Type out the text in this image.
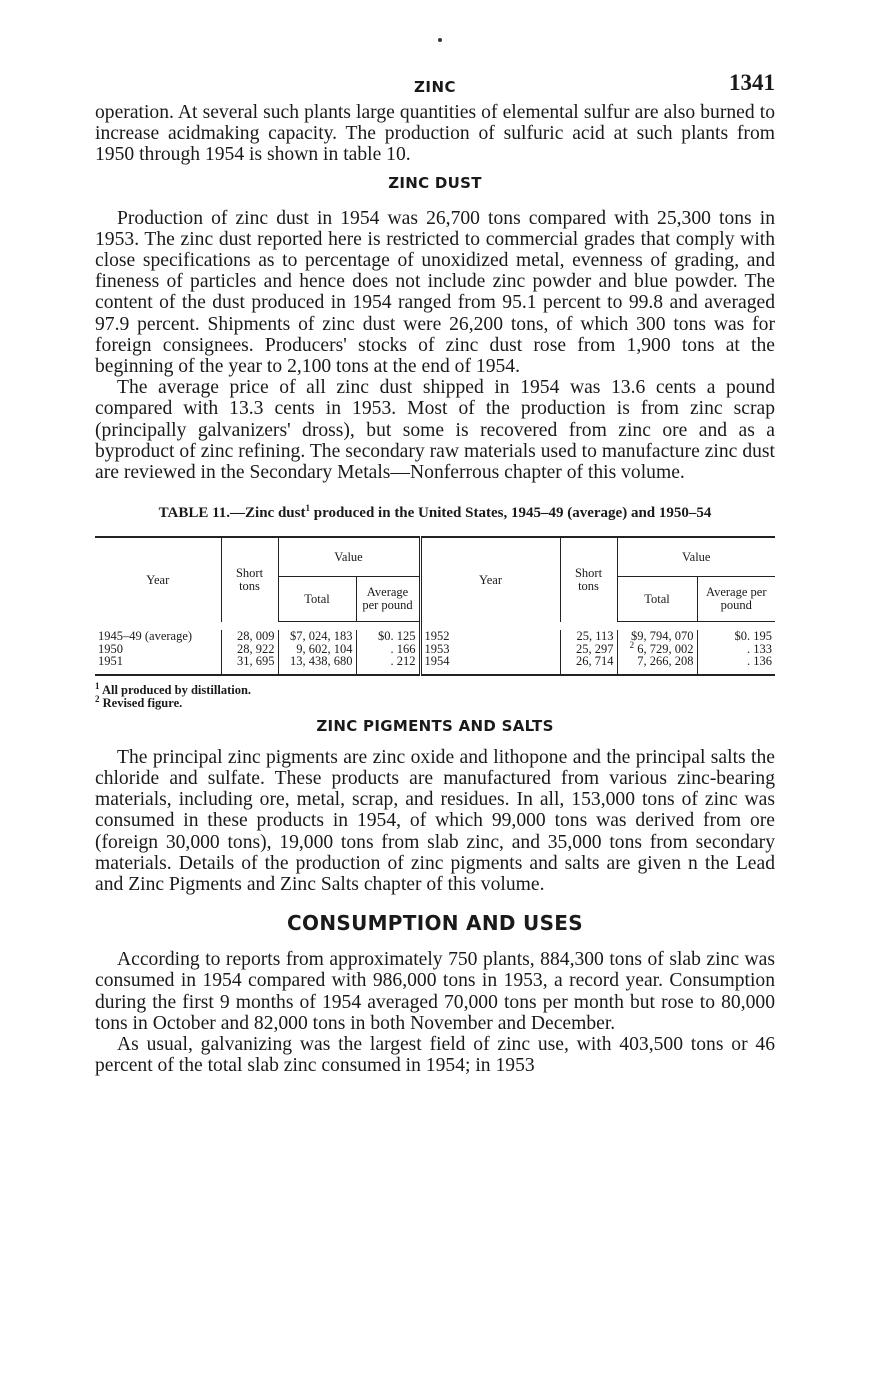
ZINC	1341

operation. At several such plants large quantities of elemental sulfur are also burned to increase acidmaking capacity. The production of sulfuric acid at such plants from 1950 through 1954 is shown in table 10.

ZINC DUST

Production of zinc dust in 1954 was 26,700 tons compared with 25,300 tons in 1953. The zinc dust reported here is restricted to commercial grades that comply with close specifications as to percentage of unoxidized metal, evenness of grading, and fineness of particles and hence does not include zinc powder and blue powder. The content of the dust produced in 1954 ranged from 95.1 percent to 99.8 and averaged 97.9 percent. Shipments of zinc dust were 26,200 tons, of which 300 tons was for foreign consignees. Producers' stocks of zinc dust rose from 1,900 tons at the beginning of the year to 2,100 tons at the end of 1954.

The average price of all zinc dust shipped in 1954 was 13.6 cents a pound compared with 13.3 cents in 1953. Most of the production is from zinc scrap (principally galvanizers' dross), but some is recovered from zinc ore and as a byproduct of zinc refining. The secondary raw materials used to manufacture zinc dust are reviewed in the Secondary Metals—Nonferrous chapter of this volume.

TABLE 11.—Zinc dust$^1$ produced in the United States, 1945–49 (average) and 1950–54
Year	Short tons	Value		Year	Short tons	Value	
		Total	Average per pound			Total	Average per pound

1945–49 (average)	28, 009	$7, 024, 183	$0. 125	1952	25, 113	$9, 794, 070	$0. 195
1950	28, 922	9, 602, 104	. 166	1953	25, 297	$^2$ 6, 729, 002	. 133
1951	31, 695	13, 438, 680	. 212	1954	26, 714	7, 266, 208	. 136
$^1$ All produced by distillation.
$^2$ Revised figure.
ZINC PIGMENTS AND SALTS

The principal zinc pigments are zinc oxide and lithopone and the principal salts the chloride and sulfate. These products are manufactured from various zinc-bearing materials, including ore, metal, scrap, and residues. In all, 153,000 tons of zinc was consumed in these products in 1954, of which 99,000 tons was derived from ore (foreign 30,000 tons), 19,000 tons from slab zinc, and 35,000 tons from secondary materials. Details of the production of zinc pigments and salts are given n the Lead and Zinc Pigments and Zinc Salts chapter of this volume.

CONSUMPTION AND USES

According to reports from approximately 750 plants, 884,300 tons of slab zinc was consumed in 1954 compared with 986,000 tons in 1953, a record year. Consumption during the first 9 months of 1954 averaged 70,000 tons per month but rose to 80,000 tons in October and 82,000 tons in both November and December.

As usual, galvanizing was the largest field of zinc use, with 403,500 tons or 46 percent of the total slab zinc consumed in 1954; in 1953
